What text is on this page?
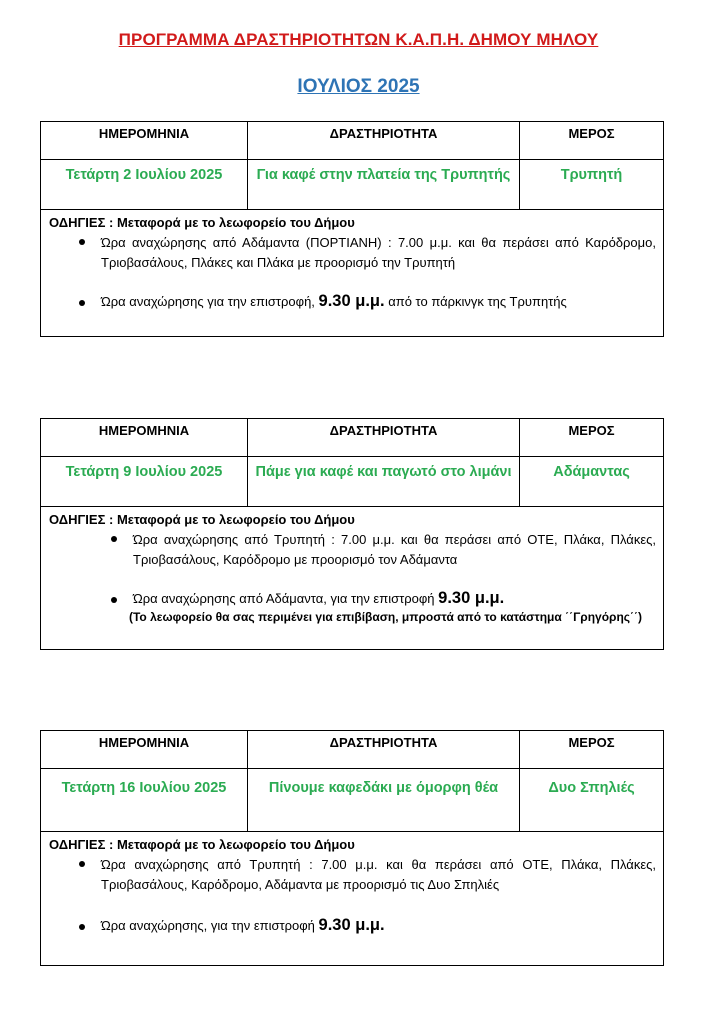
ΠΡΟΓΡΑΜΜΑ ΔΡΑΣΤΗΡΙΟΤΗΤΩΝ Κ.Α.Π.Η. ΔΗΜΟΥ ΜΗΛΟΥ
ΙΟΥΛΙΟΣ 2025
ΗΜΕΡΟΜΗΝΙΑ	ΔΡΑΣΤΗΡΙΟΤΗΤΑ	ΜΕΡΟΣ
Τετάρτη 2 Ιουλίου 2025	Για καφέ στην πλατεία της Τρυπητής	Τρυπητή
ΟΔΗΓΙΕΣ : Μεταφορά με το λεωφορείο του Δήμου
Ώρα αναχώρησης από Αδάμαντα (ΠΟΡΤΙΑΝΗ) : 7.00 μ.μ. και θα περάσει από Καρόδρομο, Τριοβασάλους, Πλάκες και Πλάκα με προορισμό την Τρυπητή
Ώρα αναχώρησης για την επιστροφή, 9.30 μ.μ. από το πάρκινγκ της Τρυπητής
ΗΜΕΡΟΜΗΝΙΑ	ΔΡΑΣΤΗΡΙΟΤΗΤΑ	ΜΕΡΟΣ
Τετάρτη 9 Ιουλίου 2025	Πάμε για καφέ και παγωτό στο λιμάνι	Αδάμαντας
ΟΔΗΓΙΕΣ : Μεταφορά με το λεωφορείο του Δήμου
Ώρα αναχώρησης από Τρυπητή : 7.00 μ.μ. και θα περάσει από ΟΤΕ, Πλάκα, Πλάκες, Τριοβασάλους, Καρόδρομο με προορισμό τον Αδάμαντα
Ώρα αναχώρησης από Αδάμαντα, για την επιστροφή 9.30 μ.μ.
(Το λεωφορείο θα σας περιμένει για επιβίβαση, μπροστά από το κατάστημα ΄΄Γρηγόρης΄΄)
ΗΜΕΡΟΜΗΝΙΑ	ΔΡΑΣΤΗΡΙΟΤΗΤΑ	ΜΕΡΟΣ
Τετάρτη 16 Ιουλίου 2025	Πίνουμε καφεδάκι με όμορφη θέα	Δυο Σπηλιές
ΟΔΗΓΙΕΣ : Μεταφορά με το λεωφορείο του Δήμου
Ώρα αναχώρησης από Τρυπητή : 7.00 μ.μ. και θα περάσει από ΟΤΕ, Πλάκα, Πλάκες, Τριοβασάλους, Καρόδρομο, Αδάμαντα με προορισμό τις Δυο Σπηλιές
Ώρα αναχώρησης, για την επιστροφή 9.30 μ.μ.
